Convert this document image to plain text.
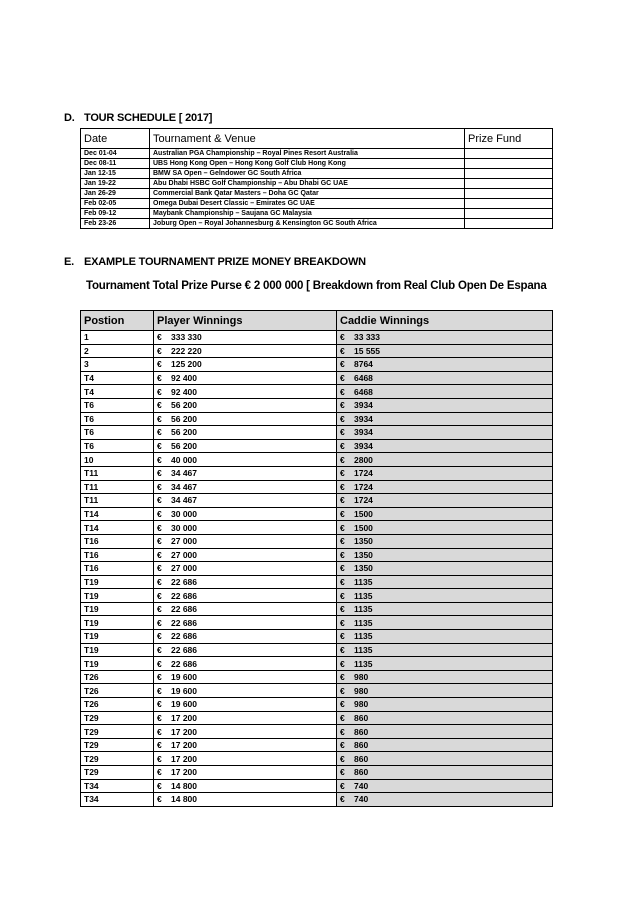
D. TOUR SCHEDULE [ 2017]
Date	Tournament & Venue	Prize Fund
Dec 01-04	Australian PGA Championship – Royal Pines Resort Australia	
Dec 08-11	UBS Hong Kong Open – Hong Kong Golf Club Hong Kong	
Jan 12-15	BMW SA Open – Gelndower GC South Africa	
Jan 19-22	Abu Dhabi HSBC Golf Championship – Abu Dhabi GC UAE	
Jan 26-29	Commercial Bank Qatar Masters – Doha GC Qatar	
Feb 02-05	Omega Dubai Desert Classic – Emirates GC UAE	
Feb 09-12	Maybank Championship – Saujana GC Malaysia	
Feb 23-26	Joburg Open – Royal Johannesburg & Kensington GC South Africa	
E. EXAMPLE TOURNAMENT PRIZE MONEY BREAKDOWN
Tournament Total Prize Purse € 2 000 000 [ Breakdown from Real Club Open De Espana
Postion	Player Winnings	Caddie Winnings
1	€ 333 330	€ 33 333
2	€ 222 220	€ 15 555
3	€ 125 200	€ 8764
T4	€ 92 400	€ 6468
T4	€ 92 400	€ 6468
T6	€ 56 200	€ 3934
T6	€ 56 200	€ 3934
T6	€ 56 200	€ 3934
T6	€ 56 200	€ 3934
10	€ 40 000	€ 2800
T11	€ 34 467	€ 1724
T11	€ 34 467	€ 1724
T11	€ 34 467	€ 1724
T14	€ 30 000	€ 1500
T14	€ 30 000	€ 1500
T16	€ 27 000	€ 1350
T16	€ 27 000	€ 1350
T16	€ 27 000	€ 1350
T19	€ 22 686	€ 1135
T19	€ 22 686	€ 1135
T19	€ 22 686	€ 1135
T19	€ 22 686	€ 1135
T19	€ 22 686	€ 1135
T19	€ 22 686	€ 1135
T19	€ 22 686	€ 1135
T26	€ 19 600	€ 980
T26	€ 19 600	€ 980
T26	€ 19 600	€ 980
T29	€ 17 200	€ 860
T29	€ 17 200	€ 860
T29	€ 17 200	€ 860
T29	€ 17 200	€ 860
T29	€ 17 200	€ 860
T34	€ 14 800	€ 740
T34	€ 14 800	€ 740
